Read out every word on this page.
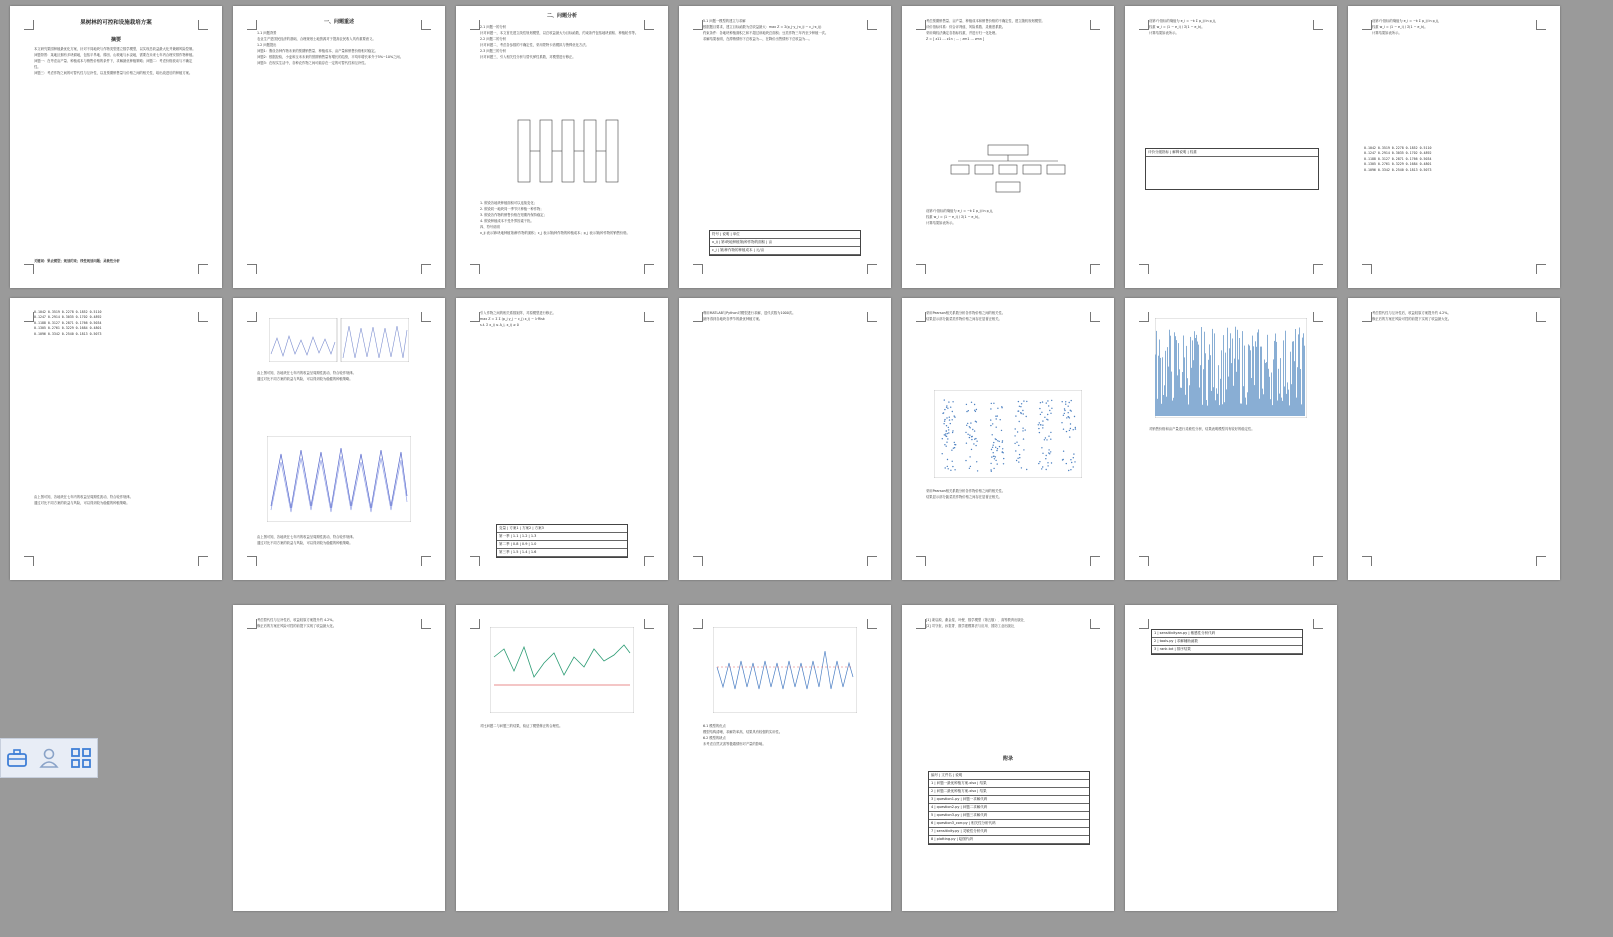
果树林的可控和设施栽培方案
摘要
本文研究果园种植最优化方案，针对不同地块与作物类型建立数学模型，以实现总收益最大化并兼顾风险控制。
问题背景：某地区拥有多块耕地，包括平旱地、梯田、山坡地与水浇地，需要在未来七年内合理安排作物种植。
问题一：在考虑亩产量、种植成本与销售价格的条件下，求解最优种植策略；问题二：考虑价格波动与不确定性。
问题三：考虑作物之间的可替代性与互补性，以及预期销售量与价格之间的相关性，给出改进后的种植方案。
关键词：果农模型；规划约束；线性规划问题；灵敏性分析
一、问题重述
1.1 问题背景
农业生产是国民经济的基础，合理规划土地资源对于提高农民收入具有重要意义。
1.2 问题提出
问题1：假设各种作物未来的预期销售量、种植成本、亩产量和销售价格相对稳定。
问题2：根据经验，小麦和玉米未来的预期销售量有增长的趋势，平均年增长率介于5%~10%之间。
问题3：在现实生活中，各种农作物之间可能存在一定的可替代性和互补性。
二、问题分析
2.1 问题一的分析
针对问题一，本文首先建立线性规划模型，以总收益最大为目标函数，约束条件包括地块面积、种植轮作等。
2.2 问题二的分析
针对问题二，考虑各参数的不确定性，采用蒙特卡洛模拟与鲁棒优化方法。
2.3 问题三的分析
针对问题三，引入相关性分析与替代弹性系数，对模型进行修正。
1. 假设各地块种植面积可以连续变化；
2. 假设同一地块同一季节只种植一种作物；
3. 假设各作物的销售价格在短期内保持稳定；
4. 假设种植成本不受外界因素干扰。
四、符号说明
x_ij 表示第i块地种植第j种作物的面积；c_j 表示第j种作物的种植成本；p_j 表示第j种作物的销售价格。
5.1 问题一模型的建立与求解
根据题目要求，建立目标函数为总收益最大：max Z = Σ(p_j·y_j·x_ij − c_j·x_ij)
约束条件：各地块种植面积之和不超过该地块总面积；豆类作物三年内至少种植一次。
求解结果表明，在滞销情形下总收益为…，在降价出售情形下总收益为…。
符号 | 说明 | 单位
x_ij | 第i块地种植第j种作物的面积 | 亩
c_j | 第j种作物的种植成本 | 元/亩
考虑预期销售量、亩产量、种植成本和销售价格的不确定性，建立随机规划模型。
评价指标体系：综合评判值、风险系数、灵敏度系数。
采用熵权法确定各指标权重，并进行归一化处理。
Z = [ z11 … z1n ; … ; zm1 … zmn ]
设第i个指标的熵值为 e_i = −k Σ p_ij ln p_ij，
权重 w_i = (1 − e_i) / Σ(1 − e_k)。
计算结果如表所示。
设第i个指标的熵值为 e_i = −k Σ p_ij ln p_ij，
权重 w_i = (1 − e_i) / Σ(1 − e_k)。
计算结果如表所示。
评价分级指标 | 解释说明 | 权重
设第i个指标的熵值为 e_i = −k Σ p_ij ln p_ij，
权重 w_i = (1 − e_i) / Σ(1 − e_k)。
计算结果如表所示。
0.1042 0.3519 0.2278 0.1852 0.5110
0.1247 0.2914 0.3035 0.1702 0.4892
0.1188 0.3127 0.2871 0.1766 0.5034
0.1305 0.2761 0.3229 0.1684 0.4801
0.1096 0.3342 0.2540 0.1813 0.5073
0.1042 0.3519 0.2278 0.1852 0.5110
0.1247 0.2914 0.3035 0.1702 0.4892
0.1188 0.3127 0.2871 0.1766 0.5034
0.1305 0.2761 0.3229 0.1684 0.4801
0.1096 0.3342 0.2540 0.1813 0.5073
由上图可知，各地块在七年内的收益呈周期性波动，符合轮作规律。
通过对比不同方案的收益与风险，可以得到较为稳健的种植策略。
由上图可知，各地块在七年内的收益呈周期性波动，符合轮作规律。
通过对比不同方案的收益与风险，可以得到较为稳健的种植策略。
由上图可知，各地块在七年内的收益呈周期性波动，符合轮作规律。
通过对比不同方案的收益与风险，可以得到较为稳健的种植策略。
引入作物之间的相关系数矩阵，对原模型进行修正。
max Z = Σ Σ (p_j y_j − c_j) x_ij − λ·Risk
s.t. Σ x_ij ≤ A_i, x_ij ≥ 0
变量 | 方案1 | 方案2 | 方案3
第一季 | 1.1 | 1.2 | 1.3
第二季 | 0.8 | 0.9 | 1.0
第三季 | 1.5 | 1.4 | 1.6
利用MATLAB与Python对模型进行求解，迭代次数为1000次。
最终得到各地块各季节的最优种植方案。
采用Pearson相关系数分析各作物价格之间的相关性。
结果显示部分蔬菜类作物价格之间存在显著正相关。
采用Pearson相关系数分析各作物价格之间的相关性。
结果显示部分蔬菜类作物价格之间存在显著正相关。
对销售价格和亩产量进行灵敏性分析，结果表明模型具有较好的稳定性。
考虑替代性与互补性后，收益较原方案提升约 4.2%。
修正后的方案在风险可控的前提下实现了收益最大化。
考虑替代性与互补性后，收益较原方案提升约 4.2%。
修正后的方案在风险可控的前提下实现了收益最大化。
对比问题二与问题三的结果，验证了模型修正的合理性。	6.1 模型的优点
模型结构清晰，求解效率高，结果具有较强的实用性。
6.2 模型的缺点
未考虑自然灾害等极端情形对产量的影响。
[1] 姜启源，谢金星，叶俊．数学模型（第五版）．高等教育出版社．
[2] 司守奎，孙玺菁．数学建模算法与应用．国防工业出版社．
附录
编号 | 文件名 | 说明
1 | 问题一最优种植方案.xlsx | 结果
2 | 问题二最优种植方案.xlsx | 结果
3 | question1.py | 问题一求解代码
4 | question2.py | 问题二求解代码
5 | question3.py | 问题三求解代码
6 | question3_corr.py | 相关性分析代码
7 | sensitivity.py | 灵敏性分析代码
8 | plotting.py | 绘图代码
1 | sensitivityan.py | 敏感性分析代码
2 | tools.py | 求解辅助函数
3 | rank.txt | 排序结果
